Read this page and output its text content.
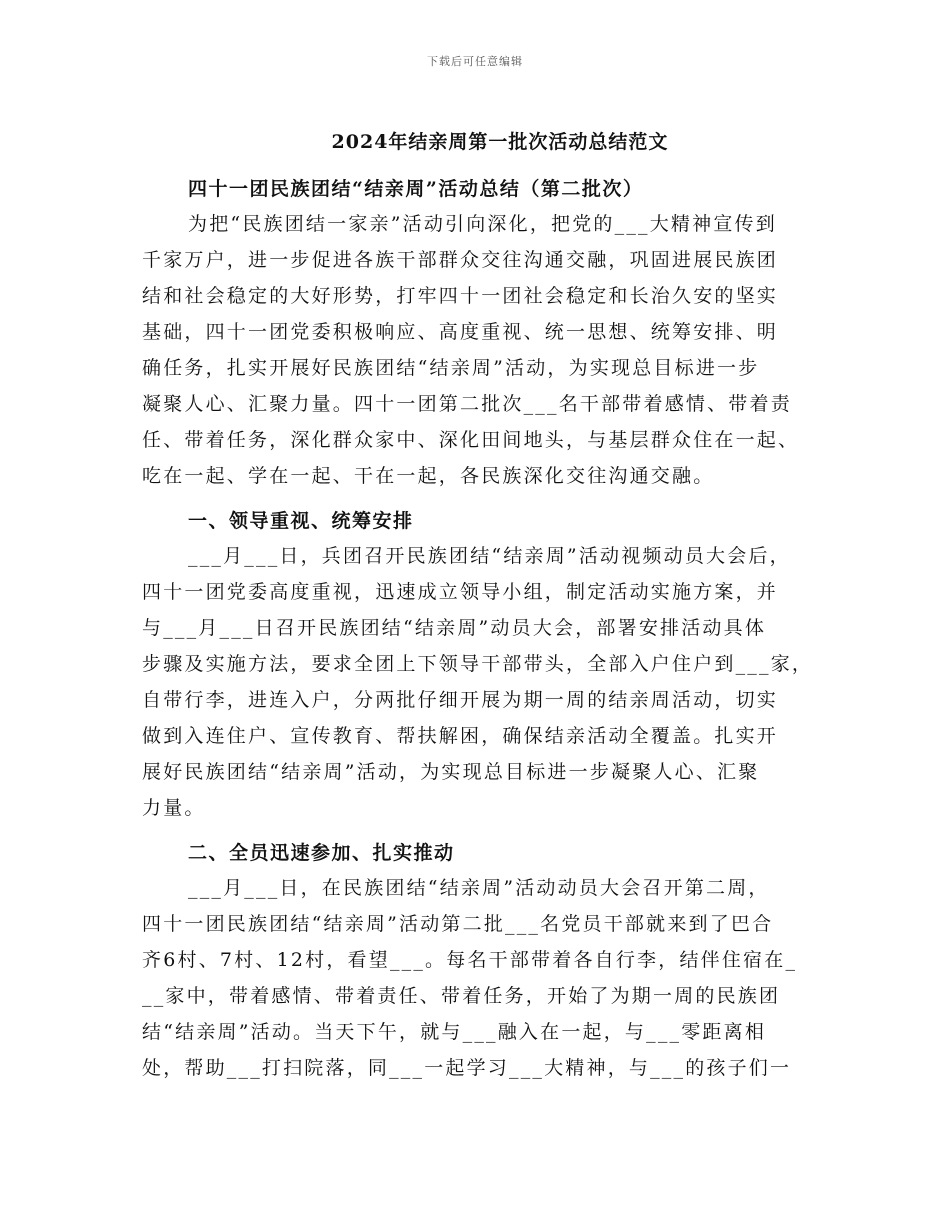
下载后可任意编辑
2024年结亲周第一批次活动总结范文
四十一团民族团结“结亲周”活动总结（第二批次）
为把“民族团结一家亲”活动引向深化，把党的___大精神宣传到
千家万户，进一步促进各族干部群众交往沟通交融，巩固进展民族团
结和社会稳定的大好形势，打牢四十一团社会稳定和长治久安的坚实
基础，四十一团党委积极响应、高度重视、统一思想、统筹安排、明
确任务，扎实开展好民族团结“结亲周”活动，为实现总目标进一步
凝聚人心、汇聚力量。四十一团第二批次___名干部带着感情、带着责
任、带着任务，深化群众家中、深化田间地头，与基层群众住在一起、
吃在一起、学在一起、干在一起，各民族深化交往沟通交融。
一、领导重视、统筹安排
___月___日，兵团召开民族团结“结亲周”活动视频动员大会后，
四十一团党委高度重视，迅速成立领导小组，制定活动实施方案，并
与___月___日召开民族团结“结亲周”动员大会，部署安排活动具体
步骤及实施方法，要求全团上下领导干部带头，全部入户住户到___家，
自带行李，进连入户，分两批仔细开展为期一周的结亲周活动，切实
做到入连住户、宣传教育、帮扶解困，确保结亲活动全覆盖。扎实开
展好民族团结“结亲周”活动，为实现总目标进一步凝聚人心、汇聚
力量。
二、全员迅速参加、扎实推动
___月___日，在民族团结“结亲周”活动动员大会召开第二周，
四十一团民族团结“结亲周”活动第二批___名党员干部就来到了巴合
齐6村、7村、12村，看望___。每名干部带着各自行李，结伴住宿在_
__家中，带着感情、带着责任、带着任务，开始了为期一周的民族团
结“结亲周”活动。当天下午，就与___融入在一起，与___零距离相
处，帮助___打扫院落，同___一起学习___大精神，与___的孩子们一
